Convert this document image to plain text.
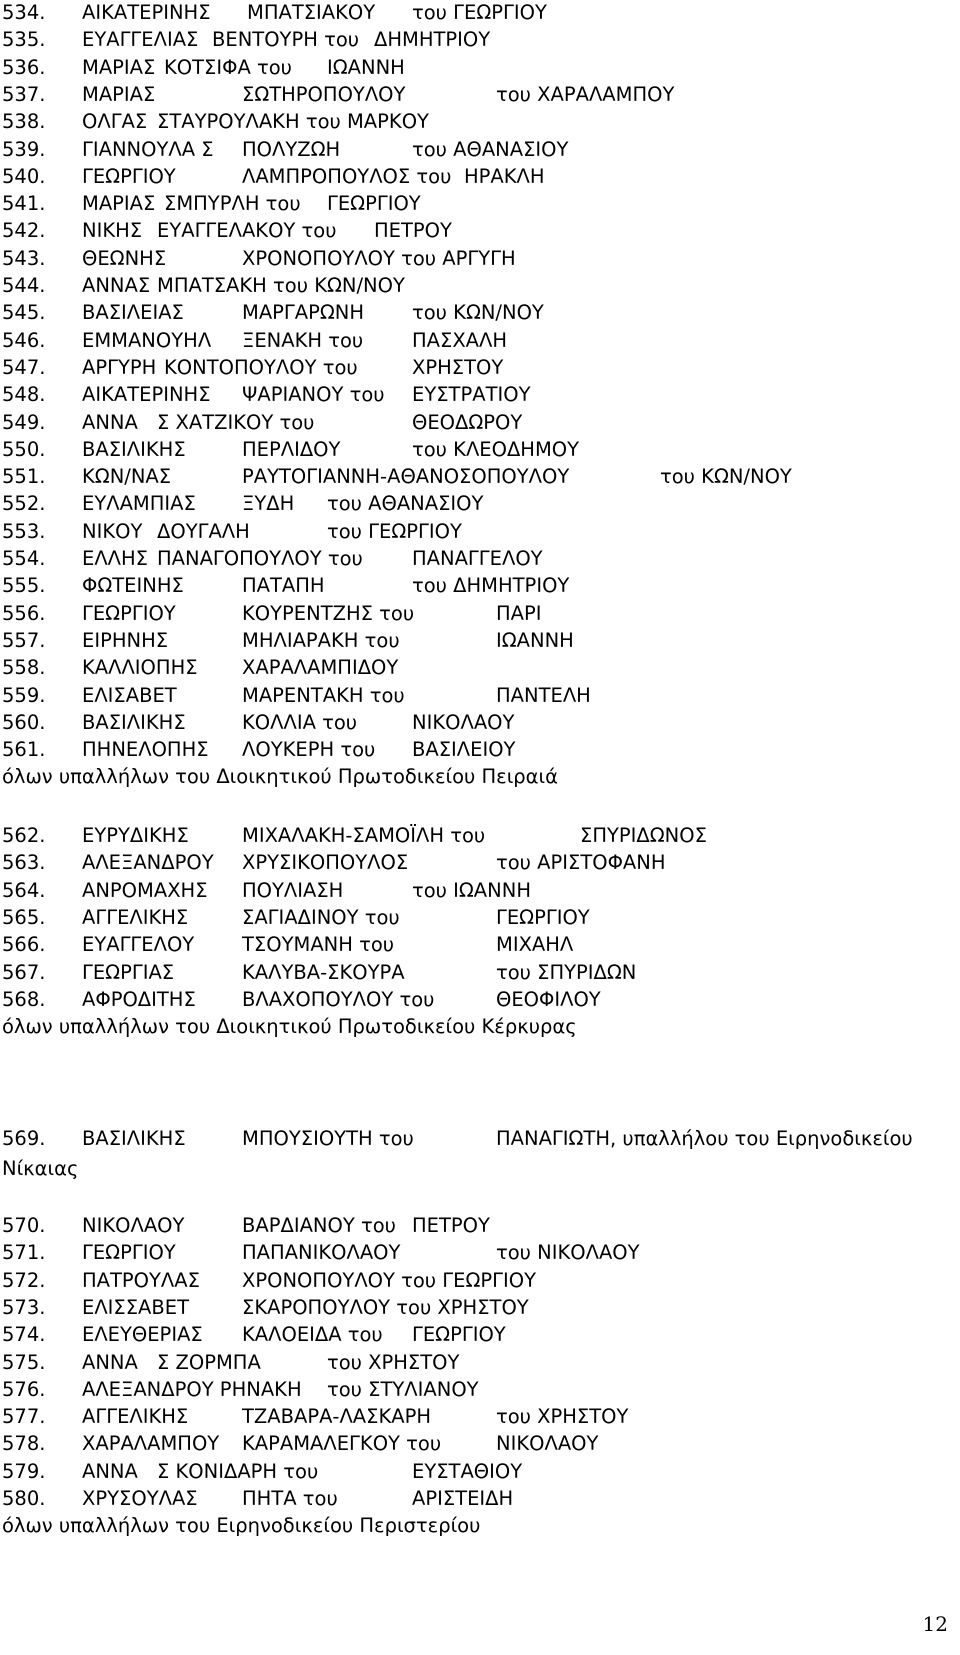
534. ΑΙΚΑΤΕΡΙΝΗΣ ΜΠΑΤΣΙΑΚΟΥ του ΓΕΩΡΓΙΟΥ
535. ΕΥΑΓΓΕΛΙΑΣ ΒΕΝΤΟΥΡΗ του ΔΗΜΗΤΡΙΟΥ
536. ΜΑΡΙΑΣ ΚΟΤΣΙΦΑ του ΙΩΑΝΝΗ
537. ΜΑΡΙΑΣ	ΣΩΤΗΡΟΠΟΥΛΟΥ	του ΧΑΡΑΛΑΜΠΟΥ
538. ΟΛΓΑΣ ΣΤΑΥΡΟΥΛΑΚΗ του ΜΑΡΚΟΥ
539. ΓΙΑΝΝΟΥΛΑ Σ ΠΟΛΥΖΩΗ	του ΑΘΑΝΑΣΙΟΥ
540. ΓΕΩΡΓΙΟΥ	ΛΑΜΠΡΟΠΟΥΛΟΣ του ΗΡΑΚΛΗ
541. ΜΑΡΙΑΣ ΣΜΠΥΡΛΗ του ΓΕΩΡΓΙΟΥ
542. ΝΙΚΗΣ ΕΥΑΓΓΕΛΑΚΟΥ του ΠΕΤΡΟΥ
543. ΘΕΩΝΗΣ	ΧΡΟΝΟΠΟΥΛΟΥ του ΑΡΓΥΓΗ
544. ΑΝΝΑΣ ΜΠΑΤΣΑΚΗ του ΚΩΝ/ΝΟΥ
545. ΒΑΣΙΛΕΙΑΣ	ΜΑΡΓΑΡΩΝΗ του ΚΩΝ/ΝΟΥ
546. ΕΜΜΑΝΟΥΗΛ ΞΕΝΑΚΗ του	ΠΑΣΧΑΛΗ
547. ΑΡΓΥΡΗ ΚΟΝΤΟΠΟΥΛΟΥ του	ΧΡΗΣΤΟΥ
548. ΑΙΚΑΤΕΡΙΝΗΣ ΨΑΡΙΑΝΟΥ του ΕΥΣΤΡΑΤΙΟΥ
549. ΑΝΝΑ Σ ΧΑΤΖΙΚΟΥ του	ΘΕΟΔΩΡΟΥ
550. ΒΑΣΙΛΙΚΗΣ	ΠΕΡΛΙΔΟΥ	του ΚΛΕΟΔΗΜΟΥ
551. ΚΩΝ/ΝΑΣ	ΡΑΥΤΟΓΙΑΝΝΗ-ΑΘΑΝΟΣΟΠΟΥΛΟΥ	του ΚΩΝ/ΝΟΥ
552. ΕΥΛΑΜΠΙΑΣ ΞΥΔΗ του ΑΘΑΝΑΣΙΟΥ
553. ΝΙΚΟΥ ΔΟΥΓΑΛΗ	του ΓΕΩΡΓΙΟΥ
554. ΕΛΛΗΣ ΠΑΝΑΓΟΠΟΥΛΟΥ του	ΠΑΝΑΓΓΕΛΟΥ
555. ΦΩΤΕΙΝΗΣ	ΠΑΤΑΠΗ	του ΔΗΜΗΤΡΙΟΥ
556. ΓΕΩΡΓΙΟΥ	ΚΟΥΡΕΝΤΖΗΣ του	ΠΑΡΙ
557. ΕΙΡΗΝΗΣ	ΜΗΛΙΑΡΑΚΗ του	ΙΩΑΝΝΗ
558. ΚΑΛΛΙΟΠΗΣ ΧΑΡΑΛΑΜΠΙΔΟΥ
559. ΕΛΙΣΑΒΕΤ	ΜΑΡΕΝΤΑΚΗ του	ΠΑΝΤΕΛΗ
560. ΒΑΣΙΛΙΚΗΣ	ΚΟΛΛΙΑ του	ΝΙΚΟΛΑΟΥ
561. ΠΗΝΕΛΟΠΗΣ ΛΟΥΚΕΡΗ του ΒΑΣΙΛΕΙΟΥ
όλων υπαλλήλων του Διοικητικού Πρωτοδικείου Πειραιά
562. ΕΥΡΥΔΙΚΗΣ	ΜΙΧΑΛΑΚΗ-ΣΑΜΟΪΛΗ του	ΣΠΥΡΙΔΩΝΟΣ
563. ΑΛΕΞΑΝΔΡΟΥ ΧΡΥΣΙΚΟΠΟΥΛΟΣ	του ΑΡΙΣΤΟΦΑΝΗ
564. ΑΝΡΟΜΑΧΗΣ ΠΟΥΛΙΑΣΗ	του ΙΩΑΝΝΗ
565. ΑΓΓΕΛΙΚΗΣ	ΣΑΓΙΑΔΙΝΟΥ του	ΓΕΩΡΓΙΟΥ
566. ΕΥΑΓΓΕΛΟΥ ΤΣΟΥΜΑΝΗ του	ΜΙΧΑΗΛ
567. ΓΕΩΡΓΙΑΣ	ΚΑΛΥΒΑ-ΣΚΟΥΡΑ	του ΣΠΥΡΙΔΩΝ
568. ΑΦΡΟΔΙΤΗΣ ΒΛΑΧΟΠΟΥΛΟΥ του	ΘΕΟΦΙΛΟΥ
όλων υπαλλήλων του Διοικητικού Πρωτοδικείου Κέρκυρας
569. ΒΑΣΙΛΙΚΗΣ	ΜΠΟΥΣΙΟΥΤΗ του	ΠΑΝΑΓΙΩΤΗ, υπαλλήλου του Ειρηνοδικείου
Νίκαιας
570. ΝΙΚΟΛΑΟΥ	ΒΑΡΔΙΑΝΟΥ του ΠΕΤΡΟΥ
571. ΓΕΩΡΓΙΟΥ	ΠΑΠΑΝΙΚΟΛΑΟΥ	του ΝΙΚΟΛΑΟΥ
572. ΠΑΤΡΟΥΛΑΣ ΧΡΟΝΟΠΟΥΛΟΥ του ΓΕΩΡΓΙΟΥ
573. ΕΛΙΣΣΑΒΕΤ	ΣΚΑΡΟΠΟΥΛΟΥ του ΧΡΗΣΤΟΥ
574. ΕΛΕΥΘΕΡΙΑΣ ΚΑΛΟΕΙΔΑ του ΓΕΩΡΓΙΟΥ
575. ΑΝΝΑ Σ ΖΟΡΜΠΑ	του ΧΡΗΣΤΟΥ
576. ΑΛΕΞΑΝΔΡΟΥ ΡΗΝΑΚΗ του ΣΤΥΛΙΑΝΟΥ
577. ΑΓΓΕΛΙΚΗΣ	ΤΖΑΒΑΡΑ-ΛΑΣΚΑΡΗ	του ΧΡΗΣΤΟΥ
578. ΧΑΡΑΛΑΜΠΟΥ ΚΑΡΑΜΑΛΕΓΚΟΥ του	ΝΙΚΟΛΑΟΥ
579. ΑΝΝΑ Σ ΚΟΝΙΔΑΡΗ του	ΕΥΣΤΑΘΙΟΥ
580. ΧΡΥΣΟΥΛΑΣ ΠΗΤΑ του	ΑΡΙΣΤΕΙΔΗ
όλων υπαλλήλων του Ειρηνοδικείου Περιστερίου
12
